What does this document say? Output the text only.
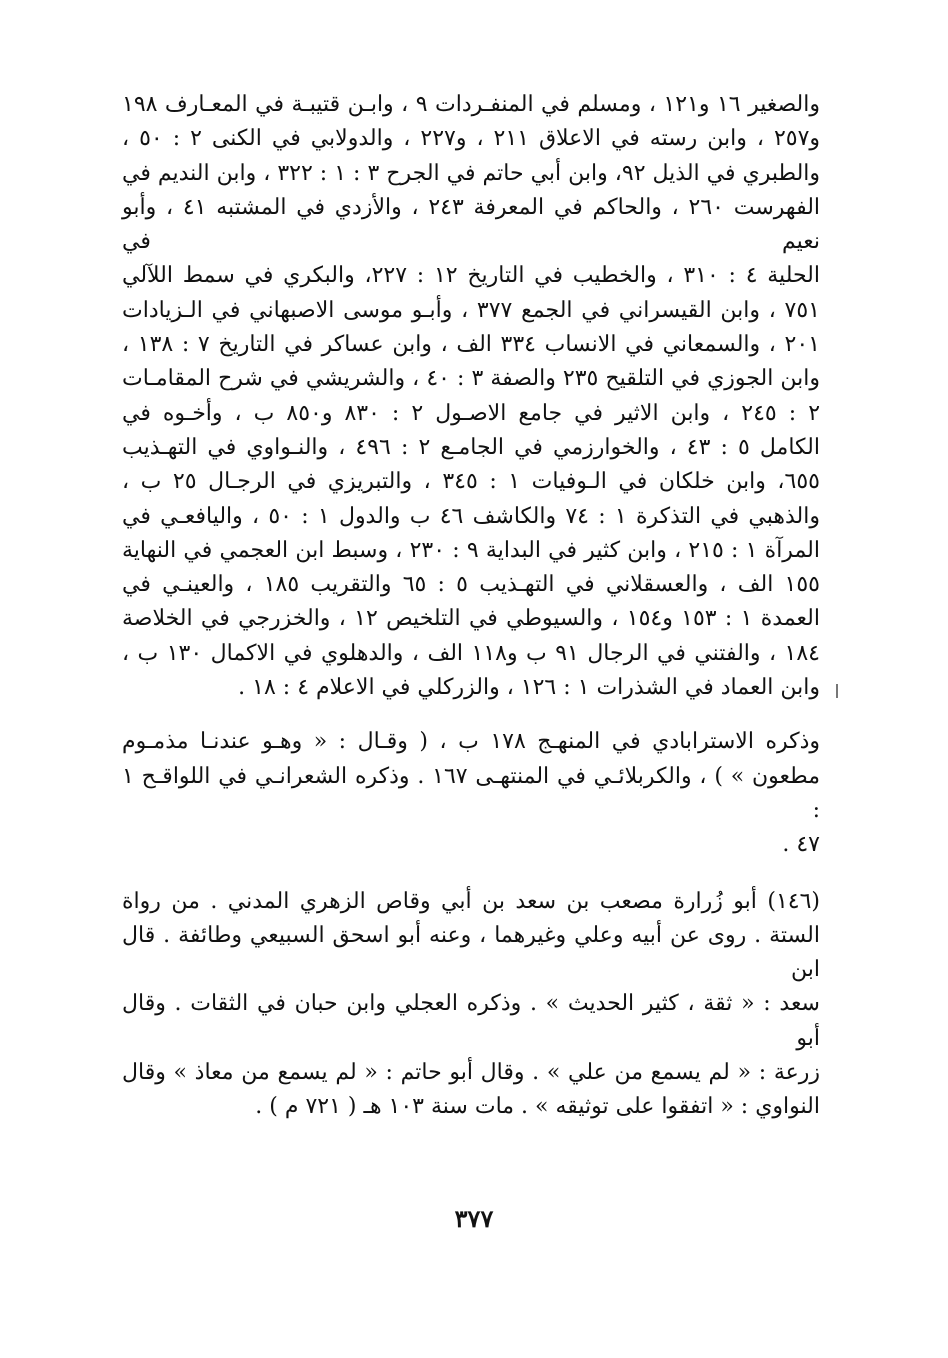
والصغير ١٦ و١٢١ ، ومسلم في المنفـردات ٩ ، وابـن قتيبـة في المعـارف ١٩٨
و٢٥٧ ، وابن رسته في الاعلاق ٢١١ ، و٢٢٧ ، والدولابي في الكنى ٢ : ٥٠ ،
والطبري في الذيل ٩٢، وابن أبي حاتم في الجرح ٣ : ١ : ٣٢٢ ، وابن النديم في
الفهرست ٢٦٠ ، والحاكم في المعرفة ٢٤٣ ، والأزدي في المشتبه ٤١ ، وأبو نعيم في
الحلية ٤ : ٣١٠ ، والخطيب في التاريخ ١٢ : ٢٢٧، والبكري في سمط اللآلي
٧٥١ ، وابن القيسراني في الجمع ٣٧٧ ، وأبـو موسى الاصبهاني في الـزيادات
٢٠١ ، والسمعاني في الانساب ٣٣٤ الف ، وابن عساكر في التاريخ ٧ : ١٣٨ ،
وابن الجوزي في التلقيح ٢٣٥ والصفة ٣ : ٤٠ ، والشريشي في شرح المقامـات
٢ : ٢٤٥ ، وابن الاثير في جامع الاصـول ٢ : ٨٣٠ و٨٥٠ ب ، وأخـوه في
الكامل ٥ : ٤٣ ، والخوارزمي في الجامـع ٢ : ٤٩٦ ، والنـواوي في التهـذيب
٦٥٥، وابن خلكان في الـوفيات ١ : ٣٤٥ ، والتبريزي في الرجـال ٢٥ ب ،
والذهبي في التذكرة ١ : ٧٤ والكاشف ٤٦ ب والدول ١ : ٥٠ ، واليافعـي في
المرآة ١ : ٢١٥ ، وابن كثير في البداية ٩ : ٢٣٠ ، وسبط ابن العجمي في النهاية
١٥٥ الف ، والعسقلاني في التهـذيب ٥ : ٦٥ والتقريب ١٨٥ ، والعينـي في
العمدة ١ : ١٥٣ و١٥٤ ، والسيوطي في التلخيص ١٢ ، والخزرجي في الخلاصة
١٨٤ ، والفتني في الرجال ٩١ ب و١١٨ الف ، والدهلوي في الاكمال ١٣٠ ب ،
وابن العماد في الشذرات ١ : ١٢٦ ، والزركلي في الاعلام ٤ : ١٨ .

وذكره الاسترابادي في المنهـج ١٧٨ ب ، ( وقـال : « وهـو عندنـا مذمـوم
مطعون » ) ، والكربلائـي في المنتهـى ١٦٧ . وذكره الشعرانـي في اللواقـح ١ :
٤٧ .

(١٤٦) أبو زُرارة مصعب بن سعد بن أبي وقاص الزهري المدني . من رواة
الستة . روى عن أبيه وعلي وغيرهما ، وعنه أبو اسحق السبيعي وطائفة . قال ابن
سعد : « ثقة ، كثير الحديث » . وذكره العجلي وابن حبان في الثقات . وقال أبو
زرعة : « لم يسمع من علي » . وقال أبو حاتم : « لم يسمع من معاذ » وقال
النواوي : « اتفقوا على توثيقه » . مات سنة ١٠٣ هـ ( ٧٢١ م ) .

٣٧٧
